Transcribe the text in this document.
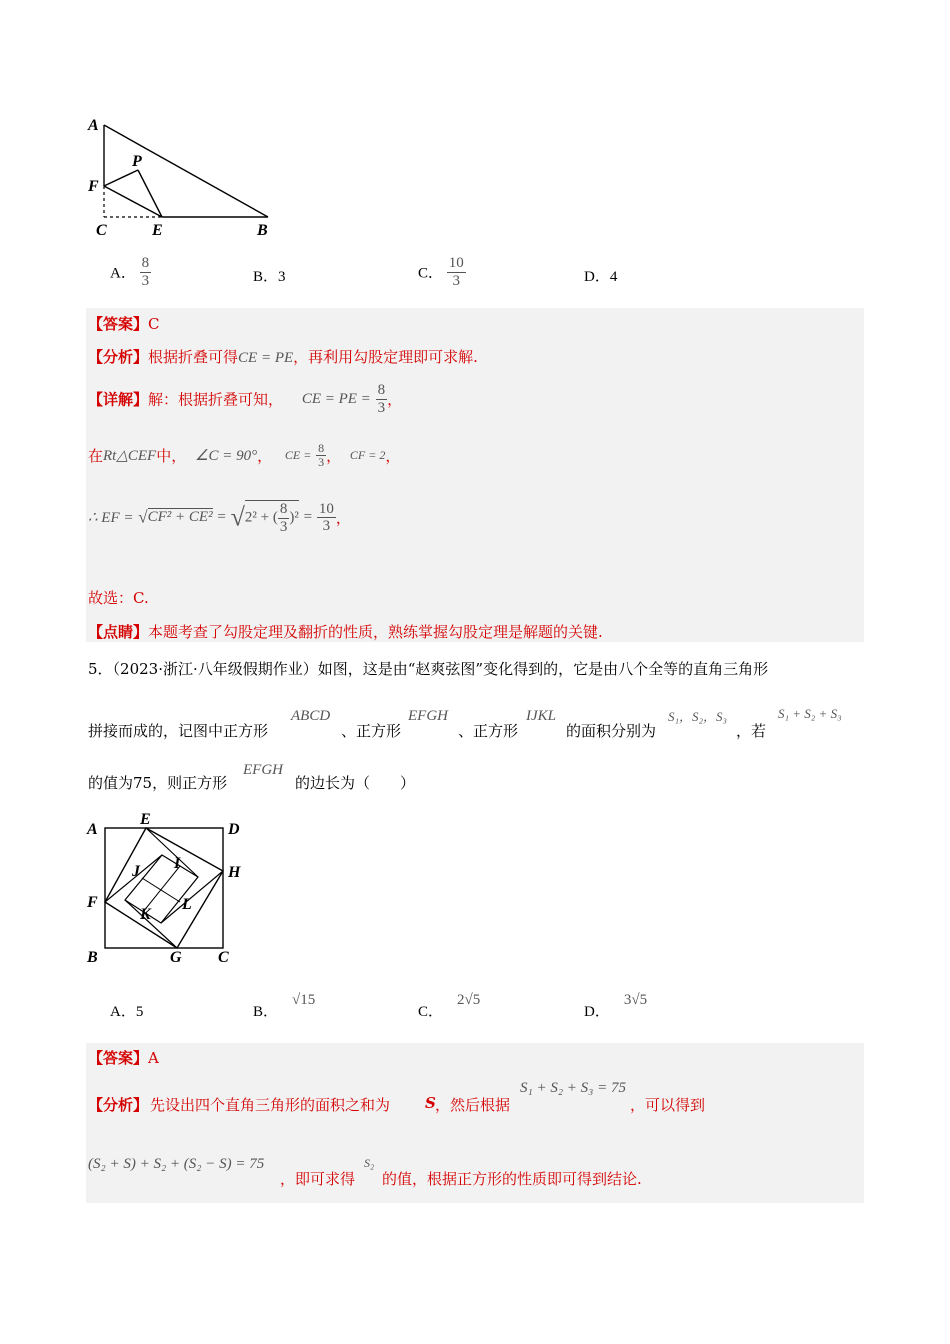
A
P
F
C	E	B
A． $\frac{8}{3}$	B．3	C． $\frac{10}{3}$	D．4
【答案】C
【分析】根据折叠可得CE = PE，再利用勾股定理即可求解.
【详解】解：根据折叠可知， CE = PE = $\frac{8}{3}$ ，
在Rt△CEF中， ∠C = 90°， CE = $\frac{8}{3}$ ， CF = 2，
∴ EF = √CF² + CE² = √2² + ( $\frac{8}{3} )^2 = \frac{10}{3}$ ，
故选：C.
【点睛】本题考查了勾股定理及翻折的性质，熟练掌握勾股定理是解题的关键.
5．（2023·浙江·八年级假期作业）如图，这是由“赵爽弦图”变化得到的，它是由八个全等的直角三角形
拼接而成的，记图中正方形
ABCD
、正方形
EFGH
、正方形
IJKL
的面积分别为
S₁，S₂，S₃
，若
S₁ + S₂ + S₃
的值为75，则正方形
EFGH
的边长为（　　）
A
E
D
J I
H
F
K
L
B	G C
A．5	B．√15
C．2√5
D．3√5
【答案】A
【分析】 先设出四个直角三角形的面积之和为 S ，然后根据
S₁ + S₂ + S₃ = 75
，可以得到
(S₂ + S) + S₂ + (S₂ − S) = 75
，即可求得
S₂
的值，根据正方形的性质即可得到结论.
